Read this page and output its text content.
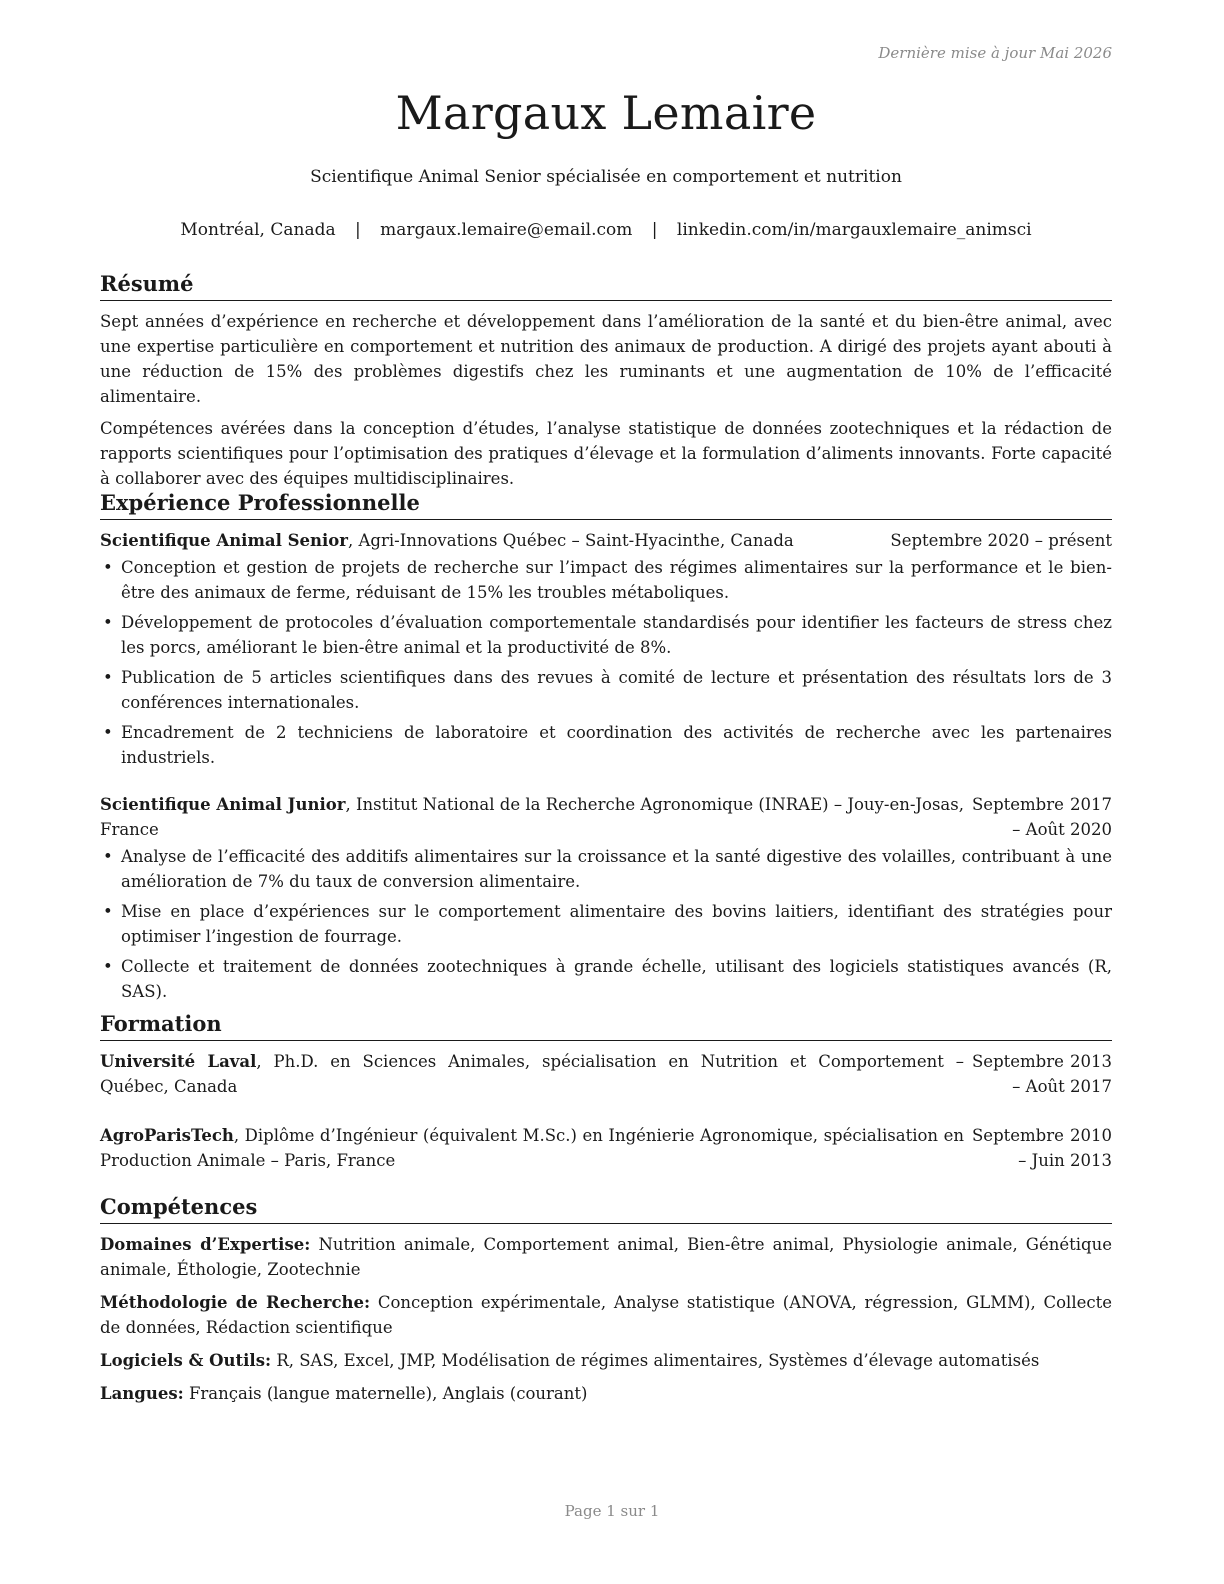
Dernière mise à jour Mai 2026
Margaux Lemaire
Scientifique Animal Senior spécialisée en comportement et nutrition
Montréal, Canada | margaux.lemaire@email.com | linkedin.com/in/margauxlemaire_animsci
Résumé

Sept années d’expérience en recherche et développement dans l’amélioration de la santé et du bien-être animal, avec une expertise particulière en comportement et nutrition des animaux de production. A dirigé des projets ayant abouti à une réduction de 15% des problèmes digestifs chez les ruminants et une augmentation de 10% de l’efficacité alimentaire.

Compétences avérées dans la conception d’études, l’analyse statistique de données zootechniques et la rédaction de rapports scientifiques pour l’optimisation des pratiques d’élevage et la formulation d’aliments innovants. Forte capacité à collaborer avec des équipes multidisciplinaires.

Expérience Professionnelle
Scientifique Animal Senior, Agri-Innovations Québec – Saint-Hyacinthe, Canada	Septembre 2020 – présent
• Conception et gestion de projets de recherche sur l’impact des régimes alimentaires sur la performance et le bien-être des animaux de ferme, réduisant de 15% les troubles métaboliques.
• Développement de protocoles d’évaluation comportementale standardisés pour identifier les facteurs de stress chez les porcs, améliorant le bien-être animal et la productivité de 8%.
• Publication de 5 articles scientifiques dans des revues à comité de lecture et présentation des résultats lors de 3 conférences internationales.
• Encadrement de 2 techniciens de laboratoire et coordination des activités de recherche avec les partenaires industriels.
Scientifique Animal Junior, Institut National de la Recherche Agronomique (INRAE) – Jouy-en-Josas, France
Septembre 2017 – Août 2020
• Analyse de l’efficacité des additifs alimentaires sur la croissance et la santé digestive des volailles, contribuant à une amélioration de 7% du taux de conversion alimentaire.
• Mise en place d’expériences sur le comportement alimentaire des bovins laitiers, identifiant des stratégies pour optimiser l’ingestion de fourrage.
• Collecte et traitement de données zootechniques à grande échelle, utilisant des logiciels statistiques avancés (R, SAS).
Formation
Université Laval, Ph.D. en Sciences Animales, spécialisation en Nutrition et Comportement – Québec, Canada
Septembre 2013 – Août 2017
AgroParisTech, Diplôme d’Ingénieur (équivalent M.Sc.) en Ingénierie Agronomique, spécialisation en Production Animale – Paris, France
Septembre 2010 – Juin 2013
Compétences
Domaines d’Expertise: Nutrition animale, Comportement animal, Bien-être animal, Physiologie animale, Génétique animale, Éthologie, Zootechnie
Méthodologie de Recherche: Conception expérimentale, Analyse statistique (ANOVA, régression, GLMM), Collecte de données, Rédaction scientifique
Logiciels & Outils: R, SAS, Excel, JMP, Modélisation de régimes alimentaires, Systèmes d’élevage automatisés
Langues: Français (langue maternelle), Anglais (courant)
Page 1 sur 1
